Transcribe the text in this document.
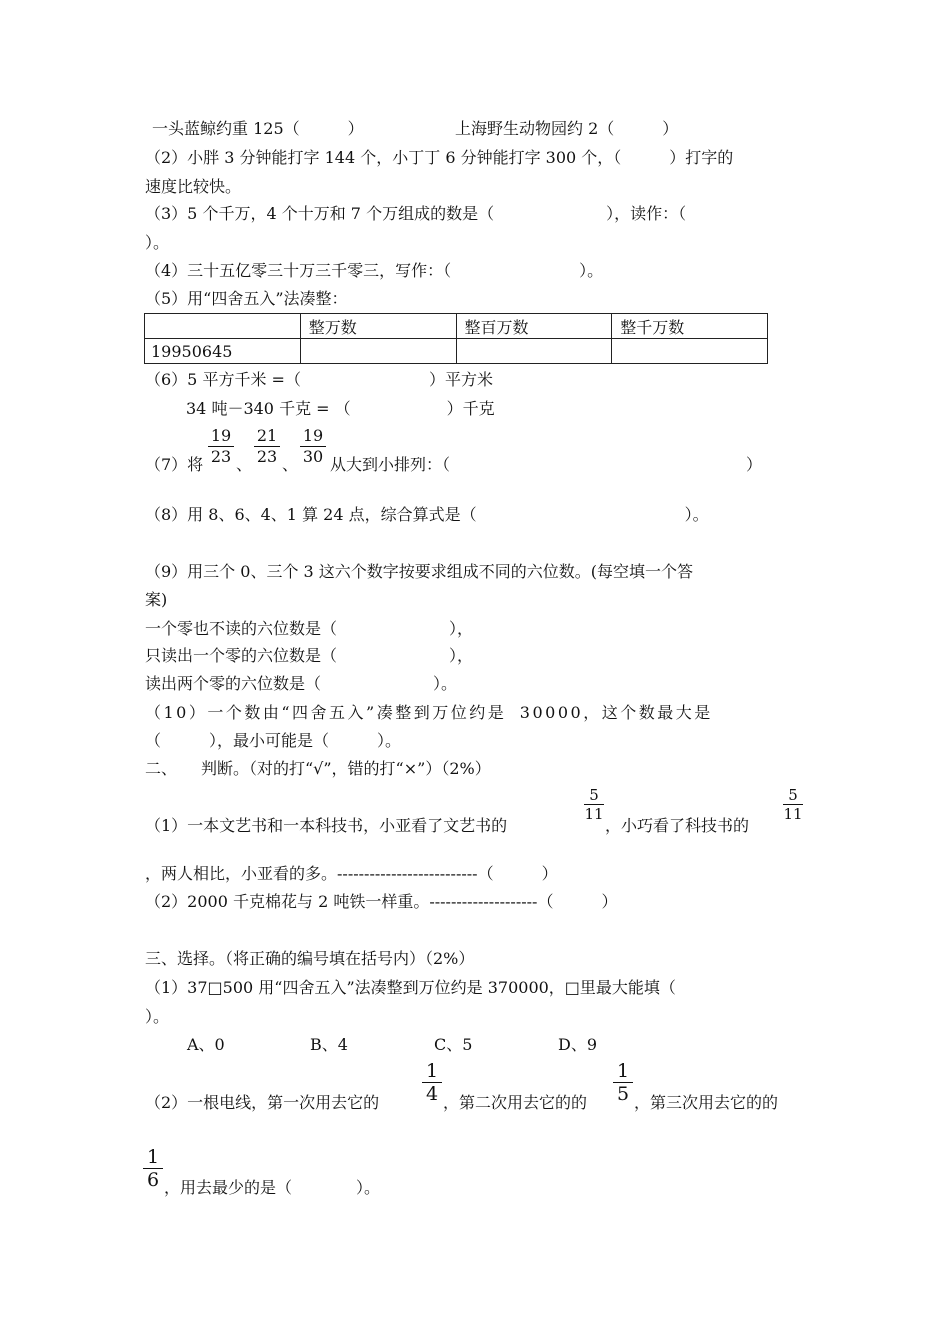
一头蓝鲸约重 125（　　　）	上海野生动物园约 2（　　　）
（2）小胖 3 分钟能打字 144 个，小丁丁 6 分钟能打字 300 个，（　　　）打字的
速度比较快。
（3）5 个千万，4 个十万和 7 个万组成的数是（　　　　　　　），读作：（
）。
（4）三十五亿零三十万三千零三，写作：（　　　　　　　　）。
（5）用“四舍五入”法凑整：
	整万数	整百万数	整千万数
19950645			
（6）5 平方千米 =（　　　　　　　　）平方米
34 吨－340 千克 = （　　　　　　）千克
$\frac{19}{23} \frac{21}{23} \frac{19}{30}$
（7）将 、 、 从大到小排列：（	）
（8）用 8、6、4、1 算 24 点，综合算式是（　　　　　　　　　　　　　）。
（9）用三个 0、三个 3 这六个数字按要求组成不同的六位数。(每空填一个答
案)
一个零也不读的六位数是（　　　　　　　），
只读出一个零的六位数是（　　　　　　　），
读出两个零的六位数是（　　　　　　　）。
（10）一个数由“四舍五入”凑整到万位约是 30000，这个数最大是
（　　　），最小可能是（　　　）。
二、　　判断。（对的打“√”，错的打“×”）（2%）
$\frac{5}{11}$	$\frac{5}{11}$
（1）一本文艺书和一本科技书，小亚看了文艺书的	，小巧看了科技书的
，两人相比，小亚看的多。--------------------------（　　　）
（2）2000 千克棉花与 2 吨铁一样重。--------------------（　　　）
三、选择。（将正确的编号填在括号内）（2%）
（1）37□500 用“四舍五入”法凑整到万位约是 370000，□里最大能填（
）。
A、0	B、4	C、5	D、9
$\frac{1}{4}$	$\frac{1}{5}$
（2）一根电线，第一次用去它的	，第二次用去它的的	，第三次用去它的的
$\frac{1}{6}$ ，用去最少的是（　　　　）。
